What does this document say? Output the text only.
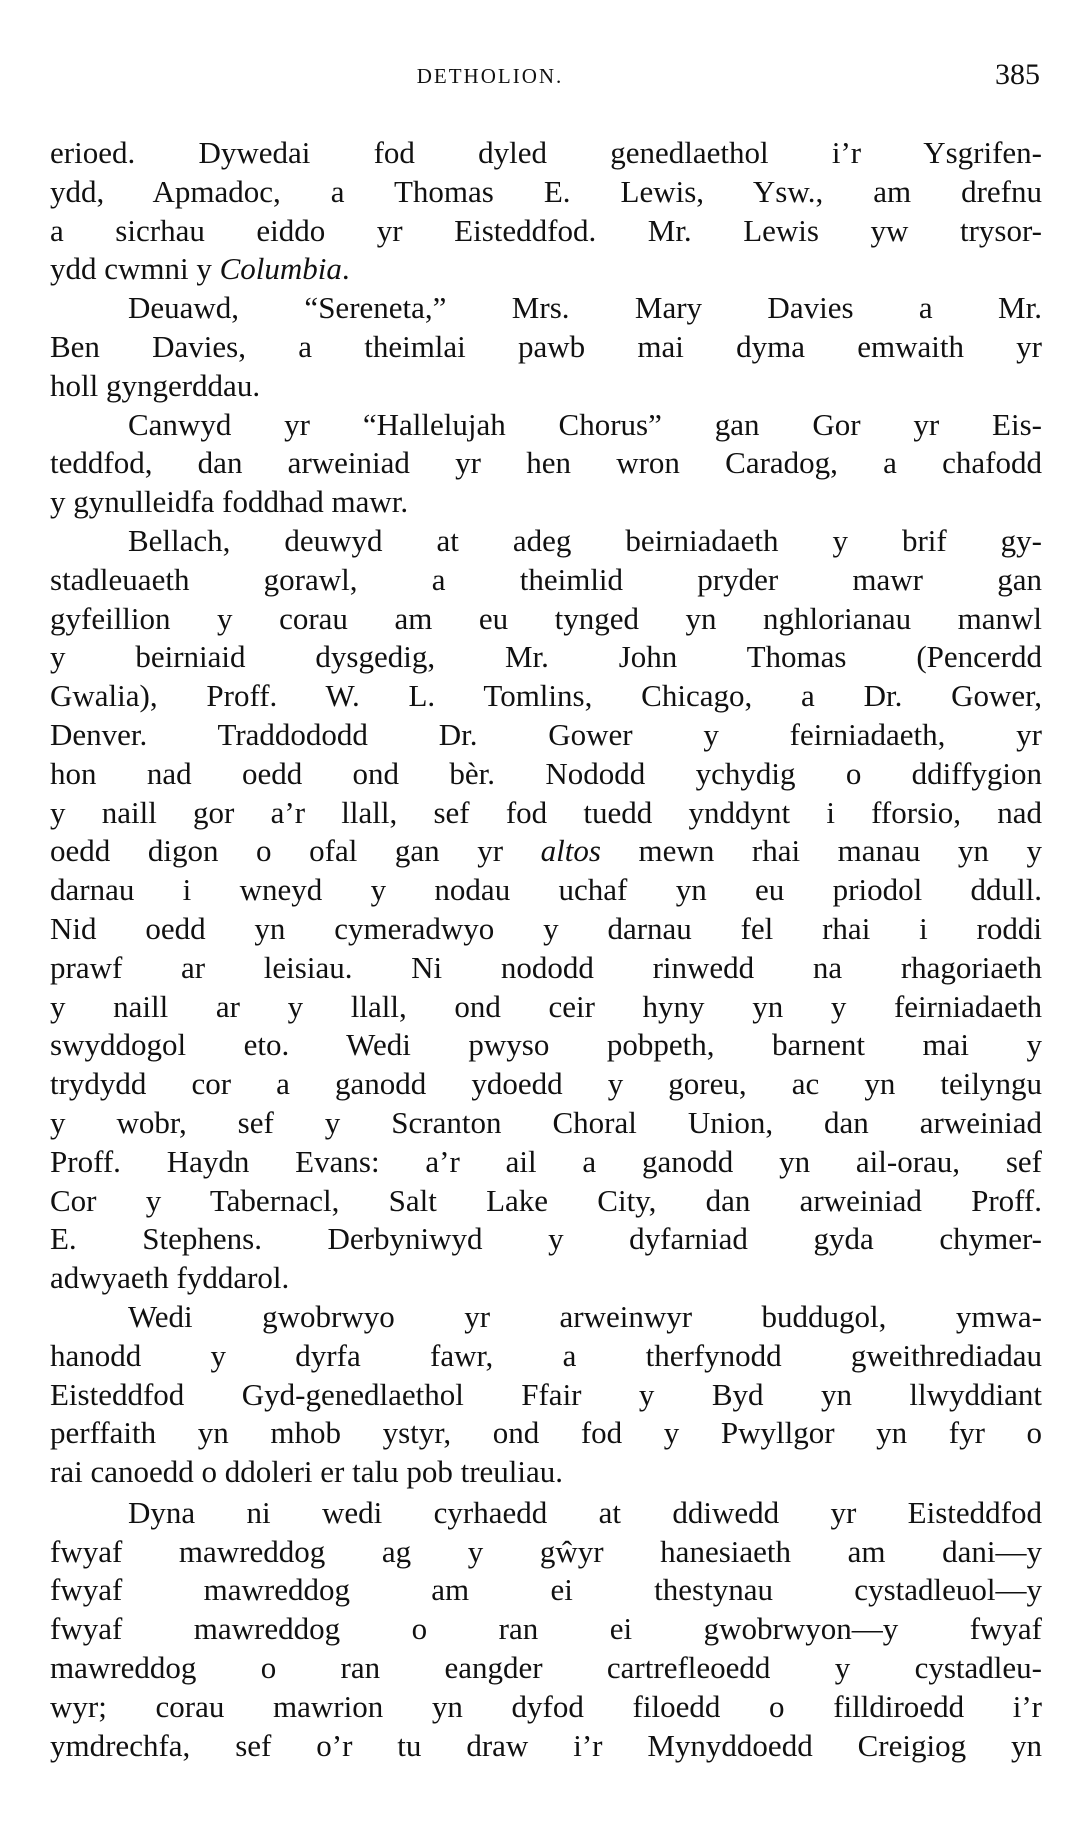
DETHOLION.	385
erioed. Dywedai fod dyled genedlaethol i’r Ysgrifen-
ydd, Apmadoc, a Thomas E. Lewis, Ysw., am drefnu
a sicrhau eiddo yr Eisteddfod. Mr. Lewis yw trysor-
ydd cwmni y Columbia.
Deuawd, “Sereneta,” Mrs. Mary Davies a Mr.
Ben Davies, a theimlai pawb mai dyma emwaith yr
holl gyngerddau.
Canwyd yr “Hallelujah Chorus” gan Gor yr Eis-
teddfod, dan arweiniad yr hen wron Caradog, a chafodd
y gynulleidfa foddhad mawr.
Bellach, deuwyd at adeg beirniadaeth y brif gy-
stadleuaeth gorawl, a theimlid pryder mawr gan
gyfeillion y corau am eu tynged yn nghlorianau manwl
y beirniaid dysgedig, Mr. John Thomas (Pencerdd
Gwalia), Proff. W. L. Tomlins, Chicago, a Dr. Gower,
Denver. Traddododd Dr. Gower y feirniadaeth, yr
hon nad oedd ond bèr. Nododd ychydig o ddiffygion
y naill gor a’r llall, sef fod tuedd ynddynt i fforsio, nad
oedd digon o ofal gan yr altos mewn rhai manau yn y
darnau i wneyd y nodau uchaf yn eu priodol ddull.
Nid oedd yn cymeradwyo y darnau fel rhai i roddi
prawf ar leisiau. Ni nododd rinwedd na rhagoriaeth
y naill ar y llall, ond ceir hyny yn y feirniadaeth
swyddogol eto. Wedi pwyso pobpeth, barnent mai y
trydydd cor a ganodd ydoedd y goreu, ac yn teilyngu
y wobr, sef y Scranton Choral Union, dan arweiniad
Proff. Haydn Evans: a’r ail a ganodd yn ail-orau, sef
Cor y Tabernacl, Salt Lake City, dan arweiniad Proff.
E. Stephens. Derbyniwyd y dyfarniad gyda chymer-
adwyaeth fyddarol.
Wedi gwobrwyo yr arweinwyr buddugol, ymwa-
hanodd y dyrfa fawr, a therfynodd gweithrediadau
Eisteddfod Gyd-genedlaethol Ffair y Byd yn llwyddiant
perffaith yn mhob ystyr, ond fod y Pwyllgor yn fyr o
rai canoedd o ddoleri er talu pob treuliau.
Dyna ni wedi cyrhaedd at ddiwedd yr Eisteddfod
fwyaf mawreddog ag y gŵyr hanesiaeth am dani—y
fwyaf mawreddog am ei thestynau cystadleuol—y
fwyaf mawreddog o ran ei gwobrwyon—y fwyaf
mawreddog o ran eangder cartrefleoedd y cystadleu-
wyr; corau mawrion yn dyfod filoedd o filldiroedd i’r
ymdrechfa, sef o’r tu draw i’r Mynyddoedd Creigiog yn
